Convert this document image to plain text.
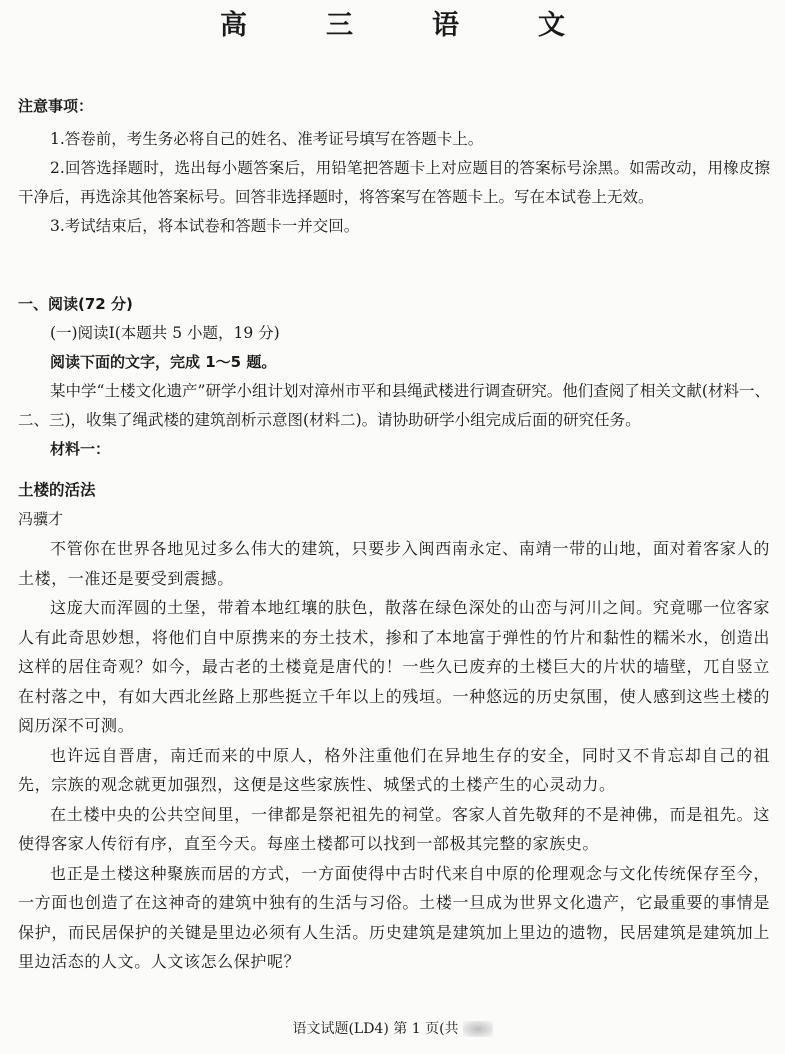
高　三　语　文
注意事项：

1.答卷前，考生务必将自己的姓名、准考证号填写在答题卡上。

2.回答选择题时，选出每小题答案后，用铅笔把答题卡上对应题目的答案标号涂黑。如需改动，用橡皮擦干净后，再选涂其他答案标号。回答非选择题时，将答案写在答题卡上。写在本试卷上无效。

3.考试结束后，将本试卷和答题卡一并交回。

一、阅读(72 分)

(一)阅读Ⅰ(本题共 5 小题，19 分)

阅读下面的文字，完成 1～5 题。

某中学“土楼文化遗产”研学小组计划对漳州市平和县绳武楼进行调查研究。他们查阅了相关文献(材料一、二、三)，收集了绳武楼的建筑剖析示意图(材料二)。请协助研学小组完成后面的研究任务。

材料一：

土楼的活法

冯骥才

不管你在世界各地见过多么伟大的建筑，只要步入闽西南永定、南靖一带的山地，面对着客家人的土楼，一准还是要受到震撼。

这庞大而浑圆的土堡，带着本地红壤的肤色，散落在绿色深处的山峦与河川之间。究竟哪一位客家人有此奇思妙想，将他们自中原携来的夯土技术，掺和了本地富于弹性的竹片和黏性的糯米水，创造出这样的居住奇观？如今，最古老的土楼竟是唐代的！一些久已废弃的土楼巨大的片状的墙壁，兀自竖立在村落之中，有如大西北丝路上那些挺立千年以上的残垣。一种悠远的历史氛围，使人感到这些土楼的阅历深不可测。

也许远自晋唐，南迁而来的中原人，格外注重他们在异地生存的安全，同时又不肯忘却自己的祖先，宗族的观念就更加强烈，这便是这些家族性、城堡式的土楼产生的心灵动力。

在土楼中央的公共空间里，一律都是祭祀祖先的祠堂。客家人首先敬拜的不是神佛，而是祖先。这使得客家人传衍有序，直至今天。每座土楼都可以找到一部极其完整的家族史。

也正是土楼这种聚族而居的方式，一方面使得中古时代来自中原的伦理观念与文化传统保存至今，一方面也创造了在这神奇的建筑中独有的生活与习俗。土楼一旦成为世界文化遗产，它最重要的事情是保护，而民居保护的关键是里边必须有人生活。历史建筑是建筑加上里边的遗物，民居建筑是建筑加上里边活态的人文。人文该怎么保护呢？

语文试题(LD4) 第 1 页(共
